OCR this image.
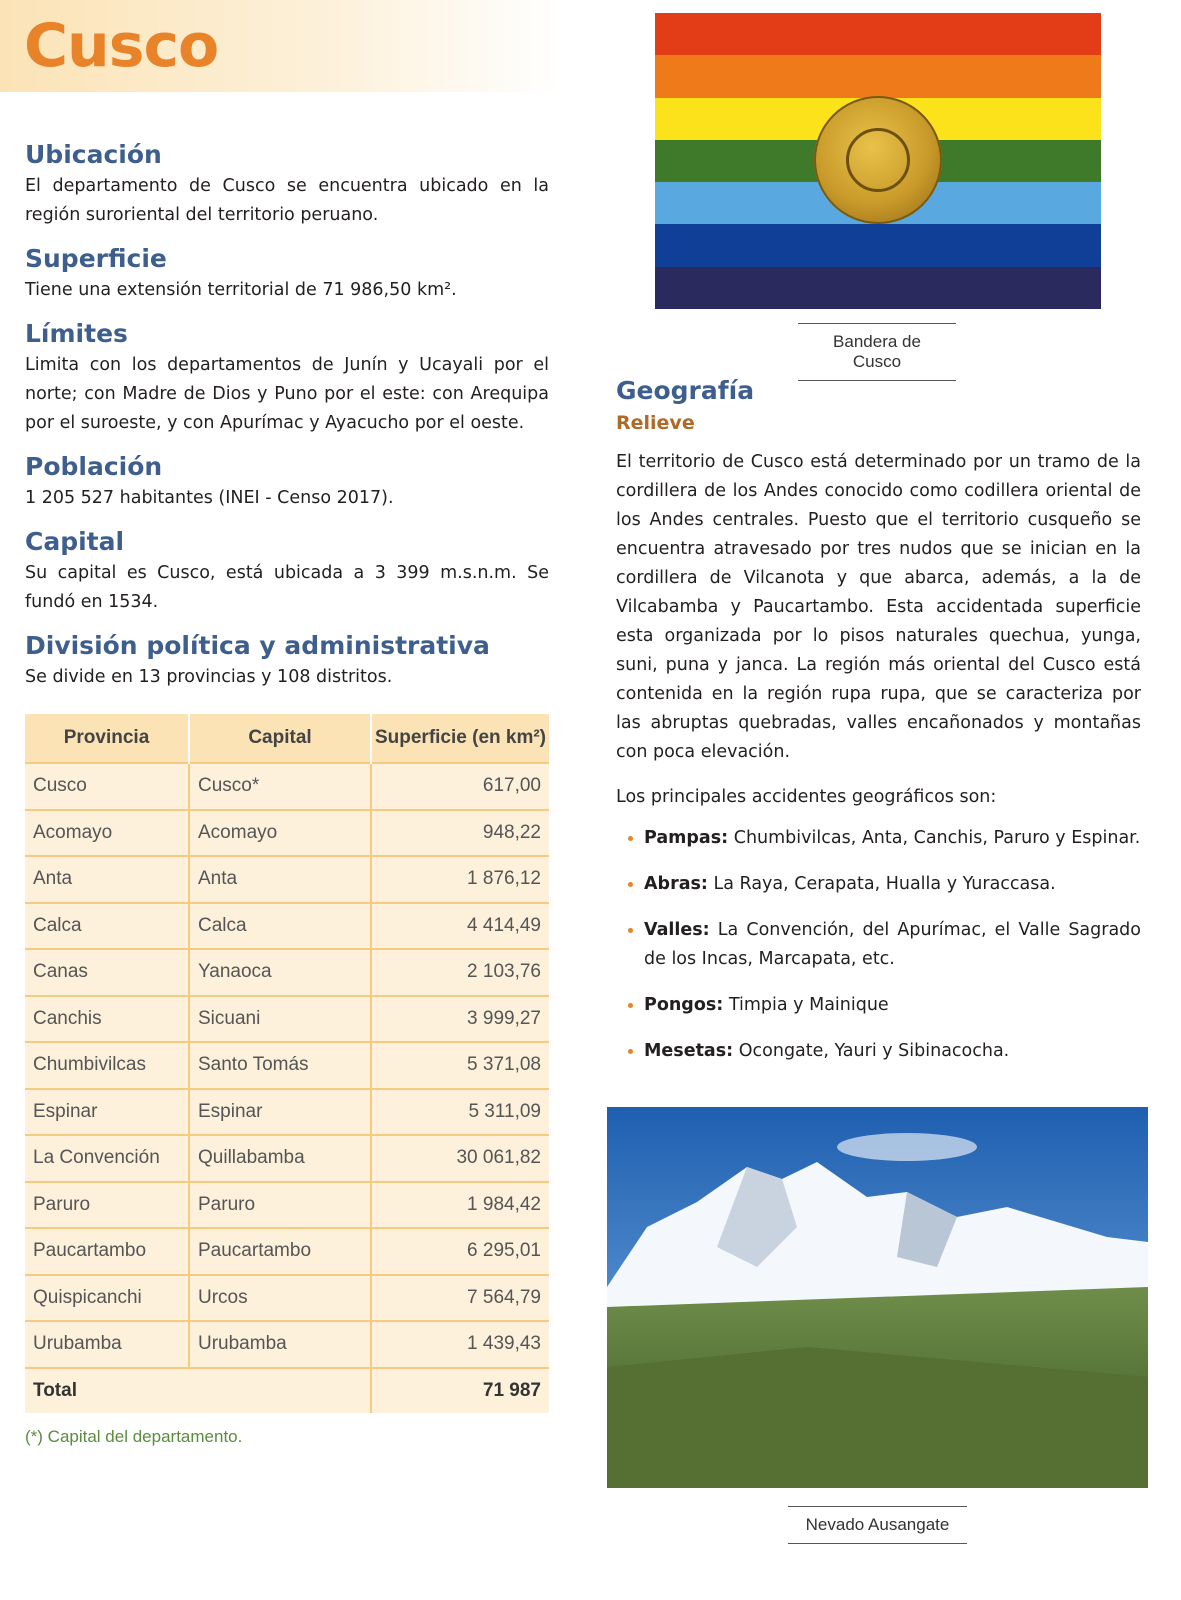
Cusco
Ubicación

El departamento de Cusco se encuentra ubicado en la región suroriental del territorio peruano.

Superficie

Tiene una extensión territorial de 71 986,50 km².

Límites

Limita con los departamentos de Junín y Ucayali por el norte; con Madre de Dios y Puno por el este: con Arequipa por el suroeste, y con Apurímac y Ayacucho por el oeste.

Población

1 205 527 habitantes (INEI - Censo 2017).

Capital

Su capital es Cusco, está ubicada a 3 399 m.s.n.m. Se fundó en 1534.

División política y administrativa

Se divide en 13 provincias y 108 distritos.

Provincia	Capital	Superficie (en km²)
Cusco	Cusco*	617,00
Acomayo	Acomayo	948,22
Anta	Anta	1 876,12
Calca	Calca	4 414,49
Canas	Yanaoca	2 103,76
Canchis	Sicuani	3 999,27
Chumbivilcas	Santo Tomás	5 371,08
Espinar	Espinar	5 311,09
La Convención	Quillabamba	30 061,82
Paruro	Paruro	1 984,42
Paucartambo	Paucartambo	6 295,01
Quispicanchi	Urcos	7 564,79
Urubamba	Urubamba	1 439,43
Total		71 987
(*) Capital del departamento.
Bandera de Cusco
Geografía
Relieve

El territorio de Cusco está determinado por un tramo de la cordillera de los Andes conocido como codillera oriental de los Andes centrales. Puesto que el territorio cusqueño se encuentra atravesado por tres nudos que se inician en la cordillera de Vilcanota y que abarca, además, a la de Vilcabamba y Paucartambo. Esta accidentada superficie esta organizada por lo pisos naturales quechua, yunga, suni, puna y janca. La región más oriental del Cusco está contenida en la región rupa rupa, que se caracteriza por las abruptas quebradas, valles encañonados y montañas con poca elevación.

Los principales accidentes geográficos son:

Pampas: Chumbivilcas, Anta, Canchis, Paruro y Espinar.
Abras: La Raya, Cerapata, Hualla y Yuraccasa.
Valles: La Convención, del Apurímac, el Valle Sagrado de los Incas, Marcapata, etc.
Pongos: Timpia y Mainique
Mesetas: Ocongate, Yauri y Sibinacocha.
Nevado Ausangate
